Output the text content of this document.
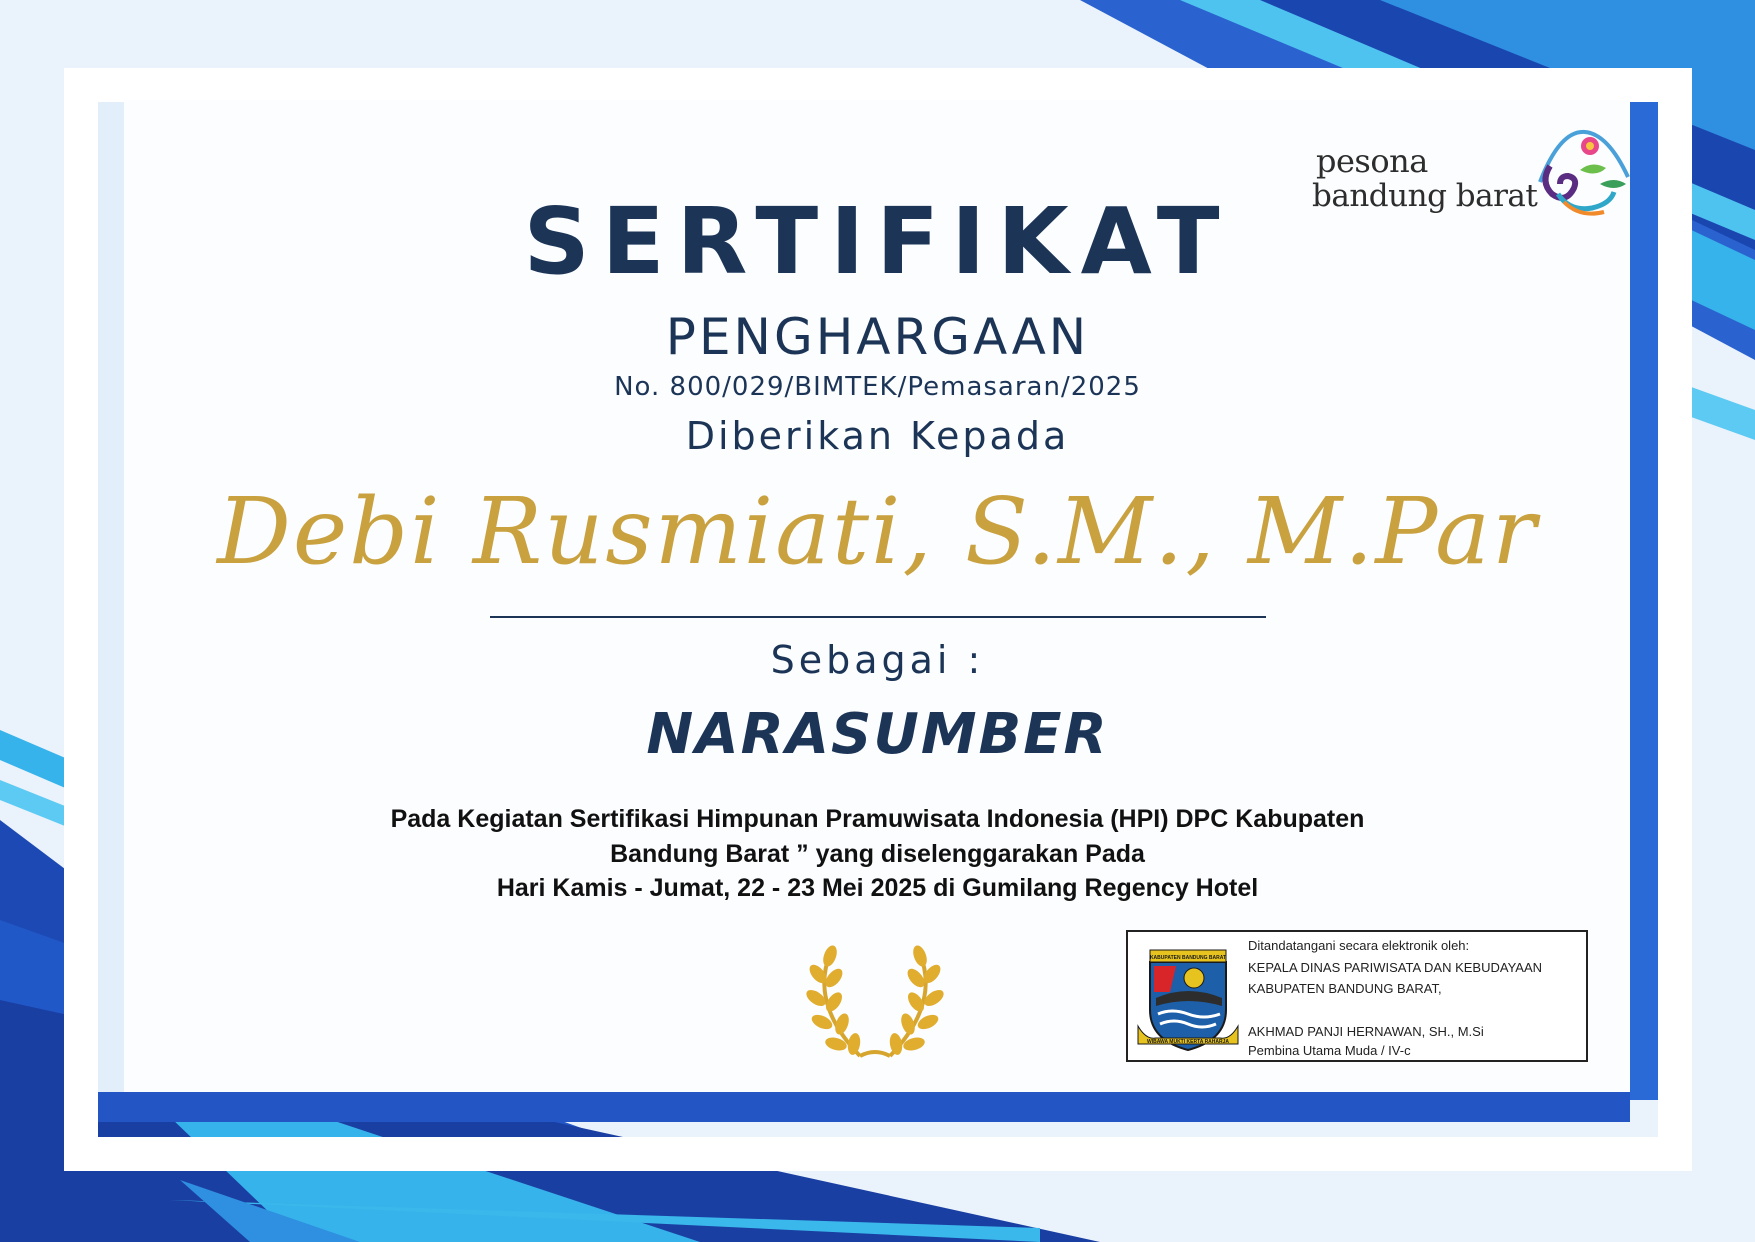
pesona
bandung barat
SERTIFIKAT
PENGHARGAAN
No. 800/029/BIMTEK/Pemasaran/2025
Diberikan Kepada
Debi Rusmiati, S.M., M.Par
Sebagai :
NARASUMBER
Pada Kegiatan Sertifikasi Himpunan Pramuwisata Indonesia (HPI) DPC Kabupaten
Bandung Barat ” yang diselenggarakan Pada
Hari Kamis - Jumat, 22 - 23 Mei 2025 di Gumilang Regency Hotel
KABUPATEN BANDUNG BARAT
WIBAWA MUKTI KERTA RAHARJA
Ditandatangani secara elektronik oleh:
KEPALA DINAS PARIWISATA DAN KEBUDAYAAN
KABUPATEN BANDUNG BARAT,
AKHMAD PANJI HERNAWAN, SH., M.Si
Pembina Utama Muda / IV-c
